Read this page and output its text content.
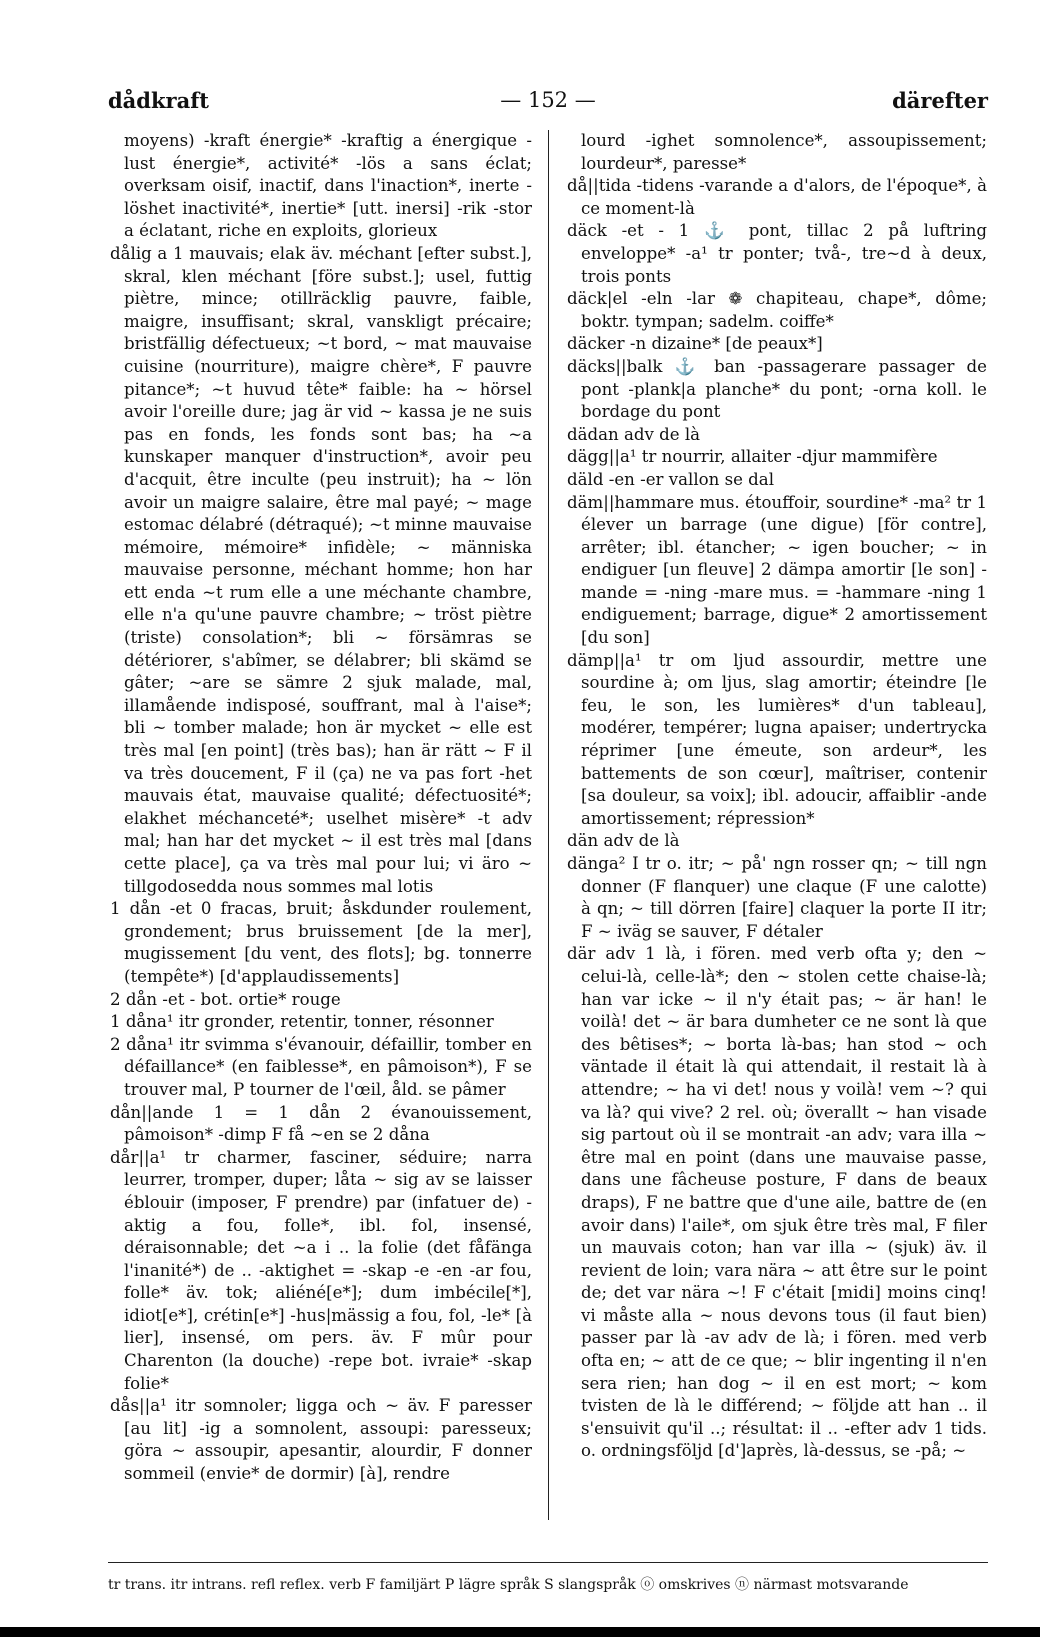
dådkraft	— 152 —	därefter

moyens) -kraft énergie* -kraftig a énergique -lust énergie*, activité* -lös a sans éclat; overksam oisif, inactif, dans l'inaction*, inerte -löshet inactivité*, inertie* [utt. inersi] -rik -stor a éclatant, riche en exploits, glorieux

dålig a 1 mauvais; elak äv. méchant [efter subst.], skral, klen méchant [före subst.]; usel, futtig piètre, mince; otillräcklig pauvre, faible, maigre, insuffisant; skral, vanskligt précaire; bristfällig défectueux; ~t bord, ~ mat mauvaise cuisine (nourriture), maigre chère*, F pauvre pitance*; ~t huvud tête* faible: ha ~ hörsel avoir l'oreille dure; jag är vid ~ kassa je ne suis pas en fonds, les fonds sont bas; ha ~a kunskaper manquer d'instruction*, avoir peu d'acquit, être inculte (peu instruit); ha ~ lön avoir un maigre salaire, être mal payé; ~ mage estomac délabré (détraqué); ~t minne mauvaise mémoire, mémoire* infidèle; ~ människa mauvaise personne, méchant homme; hon har ett enda ~t rum elle a une méchante chambre, elle n'a qu'une pauvre chambre; ~ tröst piètre (triste) consolation*; bli ~ försämras se détériorer, s'abîmer, se délabrer; bli skämd se gâter; ~are se sämre 2 sjuk malade, mal, illamående indisposé, souffrant, mal à l'aise*; bli ~ tomber malade; hon är mycket ~ elle est très mal [en point] (très bas); han är rätt ~ F il va très doucement, F il (ça) ne va pas fort -het mauvais état, mauvaise qualité; défectuosité*; elakhet méchanceté*; uselhet misère* -t adv mal; han har det mycket ~ il est très mal [dans cette place], ça va très mal pour lui; vi äro ~ tillgodosedda nous sommes mal lotis

1 dån -et 0 fracas, bruit; åskdunder roulement, grondement; brus bruissement [de la mer], mugissement [du vent, des flots]; bg. tonnerre (tempête*) [d'applaudissements]

2 dån -et - bot. ortie* rouge

1 dåna¹ itr gronder, retentir, tonner, résonner

2 dåna¹ itr svimma s'évanouir, défaillir, tomber en défaillance* (en faiblesse*, en pâmoison*), F se trouver mal, P tourner de l'œil, åld. se pâmer

dån||ande 1 = 1 dån 2 évanouissement, pâmoison* -dimp F få ~en se 2 dåna

dår||a¹ tr charmer, fasciner, séduire; narra leurrer, tromper, duper; låta ~ sig av se laisser éblouir (imposer, F prendre) par (infatuer de) -aktig a fou, folle*, ibl. fol, insensé, déraisonnable; det ~a i .. la folie (det fåfänga l'inanité*) de .. -aktighet = -skap -e -en -ar fou, folle* äv. tok; aliéné[e*]; dum imbécile[*], idiot[e*], crétin[e*] -hus|mässig a fou, fol, -le* [à lier], insensé, om pers. äv. F mûr pour Charenton (la douche) -repe bot. ivraie* -skap folie*

dås||a¹ itr somnoler; ligga och ~ äv. F paresser [au lit] -ig a somnolent, assoupi: paresseux; göra ~ assoupir, apesantir, alourdir, F donner sommeil (envie* de dormir) [à], rendre

lourd -ighet somnolence*, assoupissement; lourdeur*, paresse*

då||tida -tidens -varande a d'alors, de l'époque*, à ce moment-là

däck -et - 1 ⚓ pont, tillac 2 på luftring enveloppe* -a¹ tr ponter; två-, tre~d à deux, trois ponts

däck|el -eln -lar ❁ chapiteau, chape*, dôme; boktr. tympan; sadelm. coiffe*

däcker -n dizaine* [de peaux*]

däcks||balk ⚓ ban -passagerare passager de pont -plank|a planche* du pont; -orna koll. le bordage du pont

dädan adv de là

dägg||a¹ tr nourrir, allaiter -djur mammifère

däld -en -er vallon se dal

däm||hammare mus. étouffoir, sourdine* -ma² tr 1 élever un barrage (une digue) [för contre], arrêter; ibl. étancher; ~ igen boucher; ~ in endiguer [un fleuve] 2 dämpa amortir [le son] -mande = -ning -mare mus. = -hammare -ning 1 endiguement; barrage, digue* 2 amortissement [du son]

dämp||a¹ tr om ljud assourdir, mettre une sourdine à; om ljus, slag amortir; éteindre [le feu, le son, les lumières* d'un tableau], modérer, tempérer; lugna apaiser; undertrycka réprimer [une émeute, son ardeur*, les battements de son cœur], maîtriser, contenir [sa douleur, sa voix]; ibl. adoucir, affaiblir -ande amortissement; répression*

dän adv de là

dänga² I tr o. itr; ~ på' ngn rosser qn; ~ till ngn donner (F flanquer) une claque (F une calotte) à qn; ~ till dörren [faire] claquer la porte II itr; F ~ iväg se sauver, F détaler

där adv 1 là, i fören. med verb ofta y; den ~ celui-là, celle-là*; den ~ stolen cette chaise-là; han var icke ~ il n'y était pas; ~ är han! le voilà! det ~ är bara dumheter ce ne sont là que des bêtises*; ~ borta là-bas; han stod ~ och väntade il était là qui attendait, il restait là à attendre; ~ ha vi det! nous y voilà! vem ~? qui va là? qui vive? 2 rel. où; överallt ~ han visade sig partout où il se montrait -an adv; vara illa ~ être mal en point (dans une mauvaise passe, dans une fâcheuse posture, F dans de beaux draps), F ne battre que d'une aile, battre de (en avoir dans) l'aile*, om sjuk être très mal, F filer un mauvais coton; han var illa ~ (sjuk) äv. il revient de loin; vara nära ~ att être sur le point de; det var nära ~! F c'était [midi] moins cinq! vi måste alla ~ nous devons tous (il faut bien) passer par là -av adv de là; i fören. med verb ofta en; ~ att de ce que; ~ blir ingenting il n'en sera rien; han dog ~ il en est mort; ~ kom tvisten de là le différend; ~ följde att han .. il s'ensuivit qu'il ..; résultat: il .. -efter adv 1 tids. o. ordningsföljd [d']après, là-dessus, se -på; ~

tr trans. itr intrans. refl reflex. verb F familjärt P lägre språk S slangspråk ⓞ omskrives ⓝ närmast motsvarande
